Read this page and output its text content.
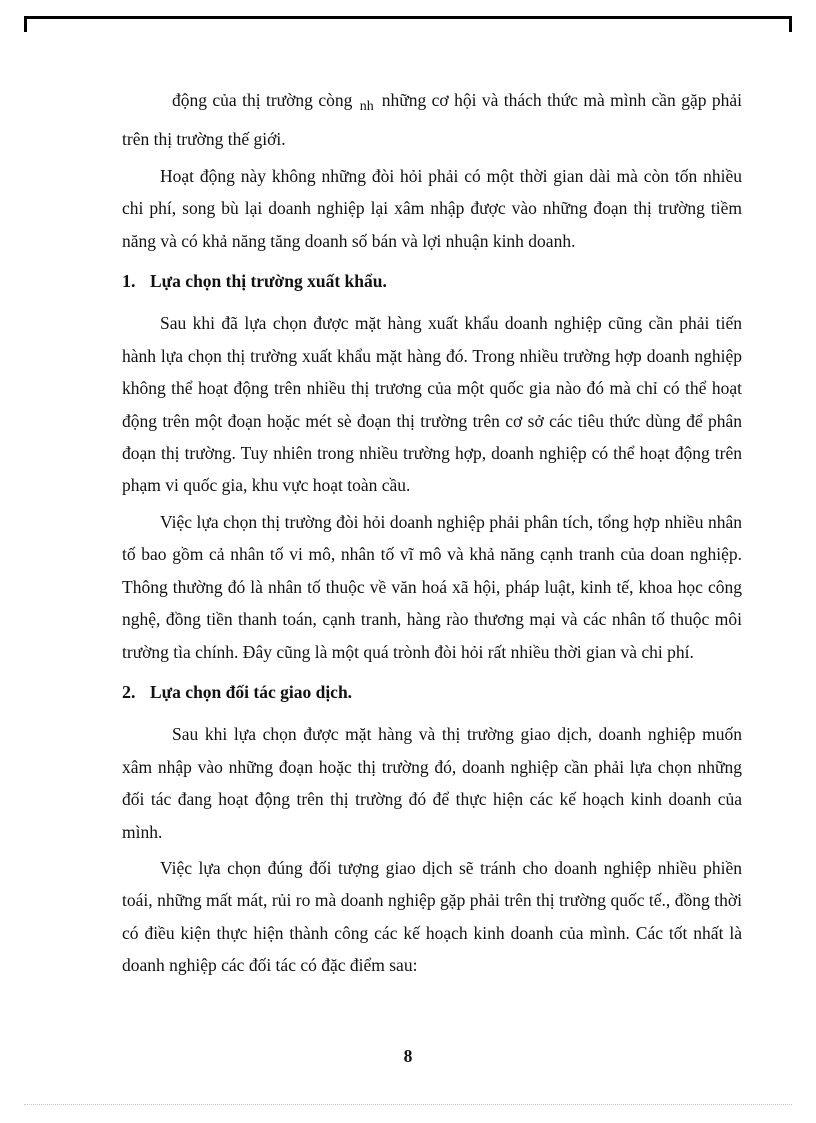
động của thị trường còng $_{nh}$ những cơ hội và thách thức mà mình cần gặp phải trên thị trường thế giới.

Hoạt động này không những đòi hỏi phải có một thời gian dài mà còn tốn nhiều chi phí, song bù lại doanh nghiệp lại xâm nhập được vào những đoạn thị trường tiềm năng và có khả năng tăng doanh số bán và lợi nhuận kinh doanh.

1. Lựa chọn thị trường xuất khẩu.

Sau khi đã lựa chọn được mặt hàng xuất khẩu doanh nghiệp cũng cần phải tiến hành lựa chọn thị trường xuất khẩu mặt hàng đó. Trong nhiều trường hợp doanh nghiệp không thể hoạt động trên nhiều thị trương của một quốc gia nào đó mà chỉ có thể hoạt động trên một đoạn hoặc mét sè đoạn thị trường trên cơ sở các tiêu thức dùng để phân đoạn thị trường. Tuy nhiên trong nhiều trường hợp, doanh nghiệp có thể hoạt động trên phạm vi quốc gia, khu vực hoạt toàn cầu.

Việc lựa chọn thị trường đòi hỏi doanh nghiệp phải phân tích, tổng hợp nhiều nhân tố bao gồm cả nhân tố vi mô, nhân tố vĩ mô và khả năng cạnh tranh của doan nghiệp. Thông thường đó là nhân tố thuộc về văn hoá xã hội, pháp luật, kinh tế, khoa học công nghệ, đồng tiền thanh toán, cạnh tranh, hàng rào thương mại và các nhân tố thuộc môi trường tìa chính. Đây cũng là một quá trònh đòi hỏi rất nhiều thời gian và chi phí.

2. Lựa chọn đối tác giao dịch.

Sau khi lựa chọn được mặt hàng và thị trường giao dịch, doanh nghiệp muốn xâm nhập vào những đoạn hoặc thị trường đó, doanh nghiệp cần phải lựa chọn những đối tác đang hoạt động trên thị trường đó để thực hiện các kế hoạch kinh doanh của mình.

Việc lựa chọn đúng đối tượng giao dịch sẽ tránh cho doanh nghiệp nhiều phiền toái, những mất mát, rủi ro mà doanh nghiệp gặp phải trên thị trường quốc tế., đồng thời có điều kiện thực hiện thành công các kế hoạch kinh doanh của mình. Các tốt nhất là doanh nghiệp các đối tác có đặc điểm sau:

8
